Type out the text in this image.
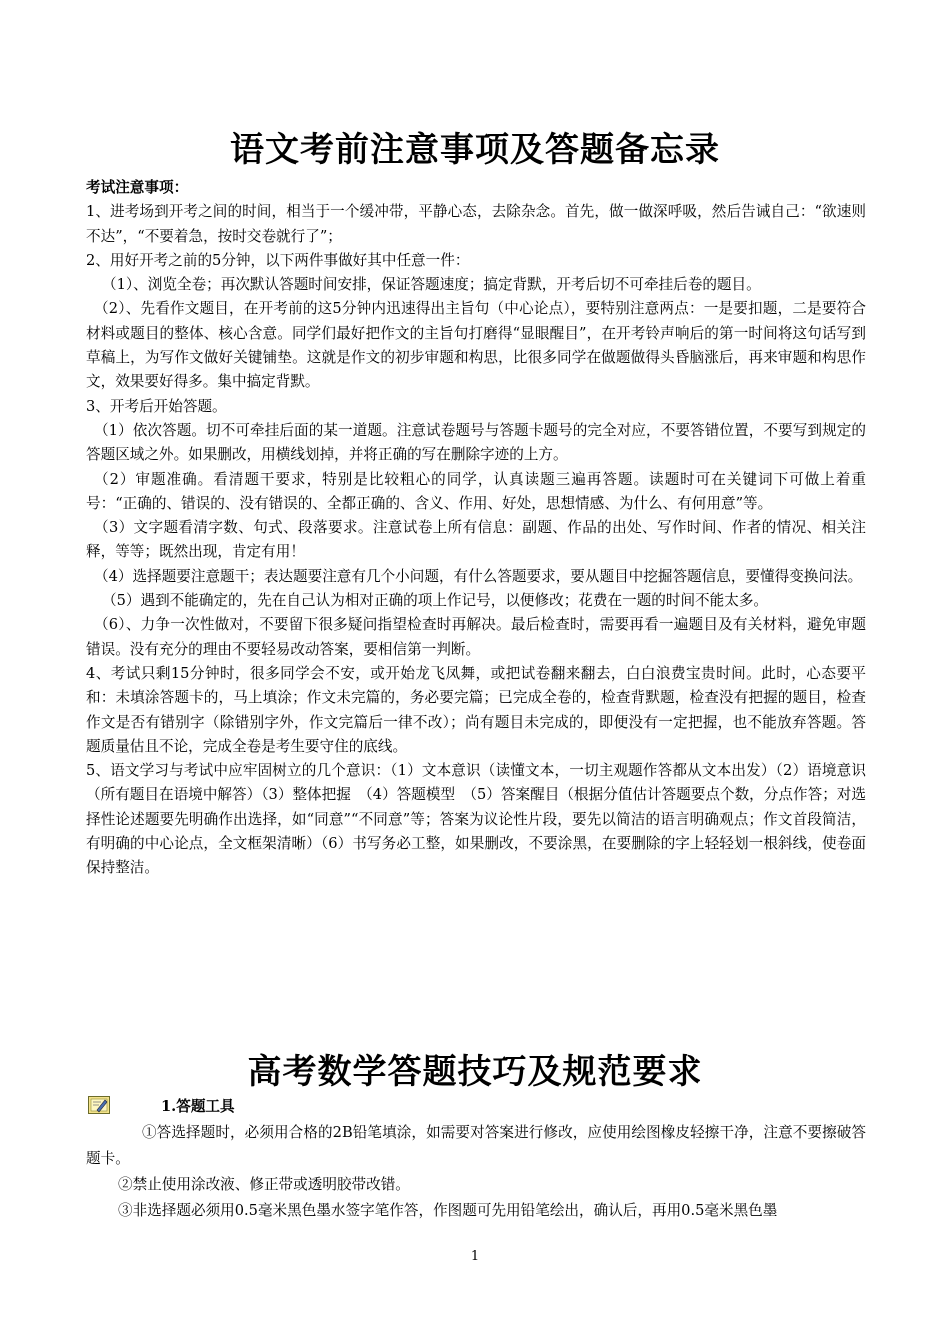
语文考前注意事项及答题备忘录

考试注意事项：

1、进考场到开考之间的时间，相当于一个缓冲带，平静心态，去除杂念。首先，做一做深呼吸，然后告诫自己：“欲速则不达”，“不要着急，按时交卷就行了”；

2、用好开考之前的5分钟，以下两件事做好其中任意一件：

（1）、浏览全卷；再次默认答题时间安排，保证答题速度；搞定背默，开考后切不可牵挂后卷的题目。

（2）、先看作文题目，在开考前的这5分钟内迅速得出主旨句（中心论点），要特别注意两点：一是要扣题，二是要符合材料或题目的整体、核心含意。同学们最好把作文的主旨句打磨得“显眼醒目”，在开考铃声响后的第一时间将这句话写到草稿上，为写作文做好关键铺垫。这就是作文的初步审题和构思，比很多同学在做题做得头昏脑涨后，再来审题和构思作文，效果要好得多。集中搞定背默。

3、开考后开始答题。

（1）依次答题。切不可牵挂后面的某一道题。注意试卷题号与答题卡题号的完全对应，不要答错位置，不要写到规定的答题区域之外。如果删改，用横线划掉，并将正确的写在删除字迹的上方。

（2）审题准确。看清题干要求，特别是比较粗心的同学，认真读题三遍再答题。读题时可在关键词下可做上着重号：“正确的、错误的、没有错误的、全都正确的、含义、作用、好处，思想情感、为什么、有何用意”等。

（3）文字题看清字数、句式、段落要求。注意试卷上所有信息：副题、作品的出处、写作时间、作者的情况、相关注释，等等；既然出现，肯定有用！

（4）选择题要注意题干；表达题要注意有几个小问题，有什么答题要求，要从题目中挖掘答题信息，要懂得变换问法。

（5）遇到不能确定的，先在自己认为相对正确的项上作记号，以便修改；花费在一题的时间不能太多。

（6）、力争一次性做对，不要留下很多疑问指望检查时再解决。最后检查时，需要再看一遍题目及有关材料，避免审题错误。没有充分的理由不要轻易改动答案，要相信第一判断。

4、考试只剩15分钟时，很多同学会不安，或开始龙飞凤舞，或把试卷翻来翻去，白白浪费宝贵时间。此时，心态要平和：未填涂答题卡的，马上填涂；作文未完篇的，务必要完篇；已完成全卷的，检查背默题，检查没有把握的题目，检查作文是否有错别字（除错别字外，作文完篇后一律不改）；尚有题目未完成的，即便没有一定把握，也不能放弃答题。答题质量估且不论，完成全卷是考生要守住的底线。

5、语文学习与考试中应牢固树立的几个意识：（1）文本意识（读懂文本，一切主观题作答都从文本出发）（2）语境意识（所有题目在语境中解答）（3）整体把握　（4）答题模型　（5）答案醒目（根据分值估计答题要点个数，分点作答；对选择性论述题要先明确作出选择，如“同意”“不同意”等；答案为议论性片段，要先以简洁的语言明确观点；作文首段简洁，有明确的中心论点，全文框架清晰）（6）书写务必工整，如果删改，不要涂黑，在要删除的字上轻轻划一根斜线，使卷面保持整洁。

高考数学答题技巧及规范要求
1.答题工具

①答选择题时，必须用合格的2B铅笔填涂，如需要对答案进行修改，应使用绘图橡皮轻擦干净，注意不要擦破答题卡。

②禁止使用涂改液、修正带或透明胶带改错。

③非选择题必须用0.5毫米黑色墨水签字笔作答，作图题可先用铅笔绘出，确认后，再用0.5毫米黑色墨

1
